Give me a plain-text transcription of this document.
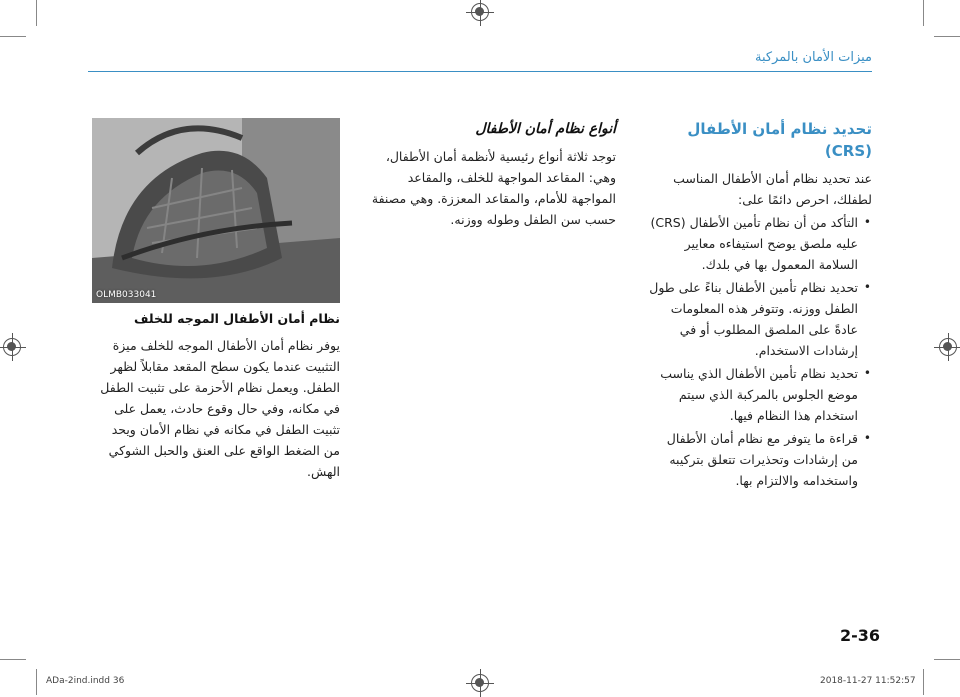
ميزات الأمان بالمركبة
تحديد نظام أمان الأطفال (CRS)

عند تحديد نظام أمان الأطفال المناسب لطفلك، احرص دائمًا على:

• التأكد من أن نظام تأمين الأطفال (CRS) عليه ملصق يوضح استيفاءه معايير السلامة المعمول بها في بلدك.
• تحديد نظام تأمين الأطفال بناءً على طول الطفل ووزنه. وتتوفر هذه المعلومات عادةً على الملصق المطلوب أو في إرشادات الاستخدام.
• تحديد نظام تأمين الأطفال الذي يناسب موضع الجلوس بالمركبة الذي سيتم استخدام هذا النظام فيها.
• قراءة ما يتوفر مع نظام أمان الأطفال من إرشادات وتحذيرات تتعلق بتركيبه واستخدامه والالتزام بها.
أنواع نظام أمان الأطفال

توجد ثلاثة أنواع رئيسية لأنظمة أمان الأطفال، وهي: المقاعد المواجهة للخلف، والمقاعد المواجهة للأمام، والمقاعد المعززة. وهي مصنفة حسب سن الطفل وطوله ووزنه.

OLMB033041
نظام أمان الأطفال الموجه للخلف

يوفر نظام أمان الأطفال الموجه للخلف ميزة التثبيت عندما يكون سطح المقعد مقابلاً لظهر الطفل. ويعمل نظام الأحزمة على تثبيت الطفل في مكانه، وفي حال وقوع حادث، يعمل على تثبيت الطفل في مكانه في نظام الأمان ويحد من الضغط الواقع على العنق والحبل الشوكي الهش.

2-36
ADa-2ind.indd 36	2018-11-27 11:52:57
